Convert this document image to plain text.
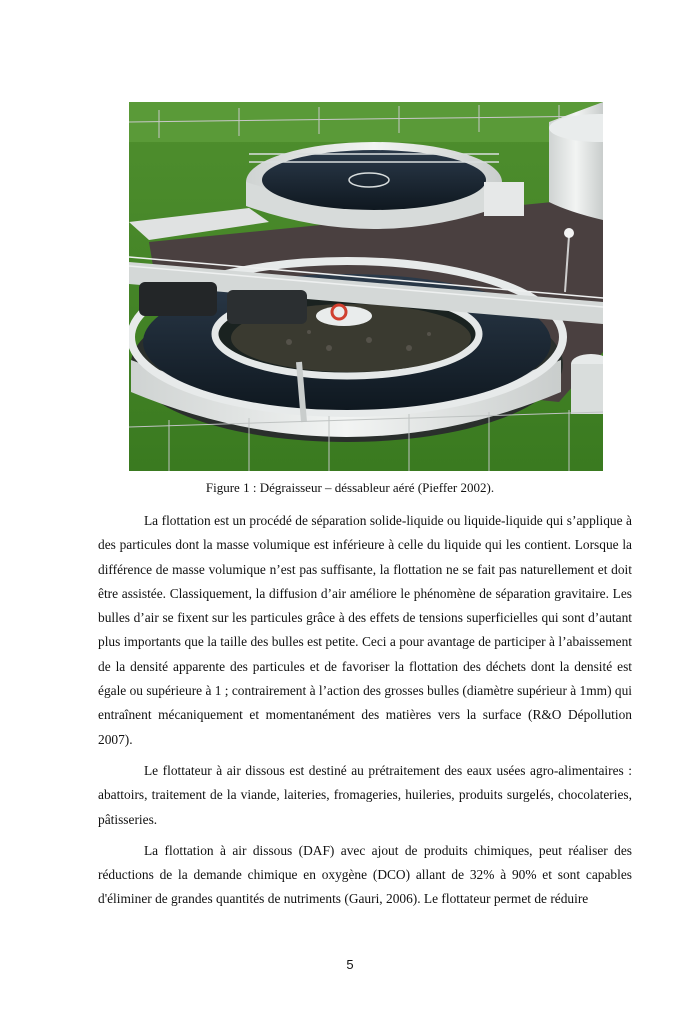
Figure 1 : Dégraisseur – déssableur aéré (Pieffer 2002).

La flottation est un procédé de séparation solide-liquide ou liquide-liquide qui s’applique à des particules dont la masse volumique est inférieure à celle du liquide qui les contient. Lorsque la différence de masse volumique n’est pas suffisante, la flottation ne se fait pas naturellement et doit être assistée. Classiquement, la diffusion d’air améliore le phénomène de séparation gravitaire. Les bulles d’air se fixent sur les particules grâce à des effets de tensions superficielles qui sont d’autant plus importants que la taille des bulles est petite. Ceci a pour avantage de participer à l’abaissement de la densité apparente des particules et de favoriser la flottation des déchets dont la densité est égale ou supérieure à 1 ; contrairement à l’action des grosses bulles (diamètre supérieur à 1mm) qui entraînent mécaniquement et momentanément des matières vers la surface (R&O Dépollution 2007).

Le flottateur à air dissous est destiné au prétraitement des eaux usées agro-alimentaires : abattoirs, traitement de la viande, laiteries, fromageries, huileries, produits surgelés, chocolateries, pâtisseries.

La flottation à air dissous (DAF) avec ajout de produits chimiques, peut réaliser des réductions de la demande chimique en oxygène (DCO) allant de 32% à 90% et sont capables d'éliminer de grandes quantités de nutriments (Gauri, 2006). Le flottateur permet de réduire

5
